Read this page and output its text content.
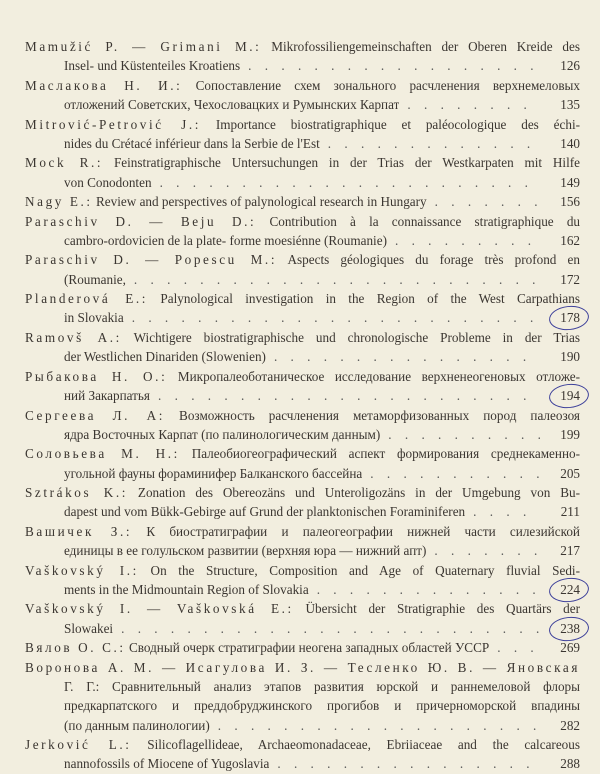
Mamužić P. — Grimani M.: Mikrofossiliengemeinschaften der Oberen Kreide des
Insel- und Küstenteiles Kroatiens . . .	126
Маслакова Н. И.: Сопоставление схем зонального расчленения верхнемеловых
отложений Советских, Чехословацких и Румынских Карпат . . .	135
Mitrović-Petrović J.: Importance biostratigraphique et paléocologique des échi-
nides du Crétacé inférieur dans la Serbie de l'Est . . .	140
Mock R.: Feinstratigraphische Untersuchungen in der Trias der Westkarpaten mit Hilfe
von Conodonten . . .	149
Nagy E.: Review and perspectives of palynological research in Hungary . . .	156
Paraschiv D. — Beju D.: Contribution à la connaissance stratigraphique du
cambro-ordovicien de la plate- forme moesiénne (Roumanie) . . .	162
Paraschiv D. — Popescu M.: Aspects géologiques du forage très profond en
(Roumanie, . . .	172
Planderová E.: Palynological investigation in the Region of the West Carpathians
in Slovakia . . .	178
Ramovš A.: Wichtigere biostratigraphische und chronologische Probleme in der Trias
der Westlichen Dinariden (Slowenien) . . .	190
Рыбакова Н. О.: Микропалеоботаническое исследование верхненеогеновых отложе-
ний Закарпатья . . .	194
Сергеева Л. А: Возможность расчленения метаморфизованных пород палеозоя
ядра Восточных Карпат (по палинологическим данным) . . .	199
Соловьева М. Н.: Палеобиогеографический аспект формирования среднекаменно-
угольной фауны фораминифер Балканского бассейна . . .	205
Sztrákos K.: Zonation des Obereozäns und Unteroligozäns in der Umgebung von Bu-
dapest und vom Bükk-Gebirge auf Grund der planktonischen Foraminiferen . . .	211
Вашичек З.: К биостратиграфии и палеогеографии нижней части силезийской
единицы в ее голульском развитии (верхняя юра — нижний апт) . . .	217
Vaškovský I.: On the Structure, Composition and Age of Quaternary fluvial Sedi-
ments in the Midmountain Region of Slovakia . . .	224
Vaškovský I. — Vaškovská E.: Übersicht der Stratigraphie des Quartärs der
Slowakei . . .	238
Вялов О. С.: Сводный очерк стратиграфии неогена западных областей УССР . . .	269
Воронова А. М. — Исагулова И. З. — Тесленко Ю. В. — Яновская
Г. Г.: Сравнительный анализ этапов развития юрской и раннемеловой флоры
предкарпатского и преддобруджинского прогибов и причерноморской впадины
(по данным палинологии) . . .	282
Jerković L.: Silicoflagellideae, Archaeomonadaceae, Ebriiaceae and the calcareous
nannofossils of Miocene of Yugoslavia . . .	288
